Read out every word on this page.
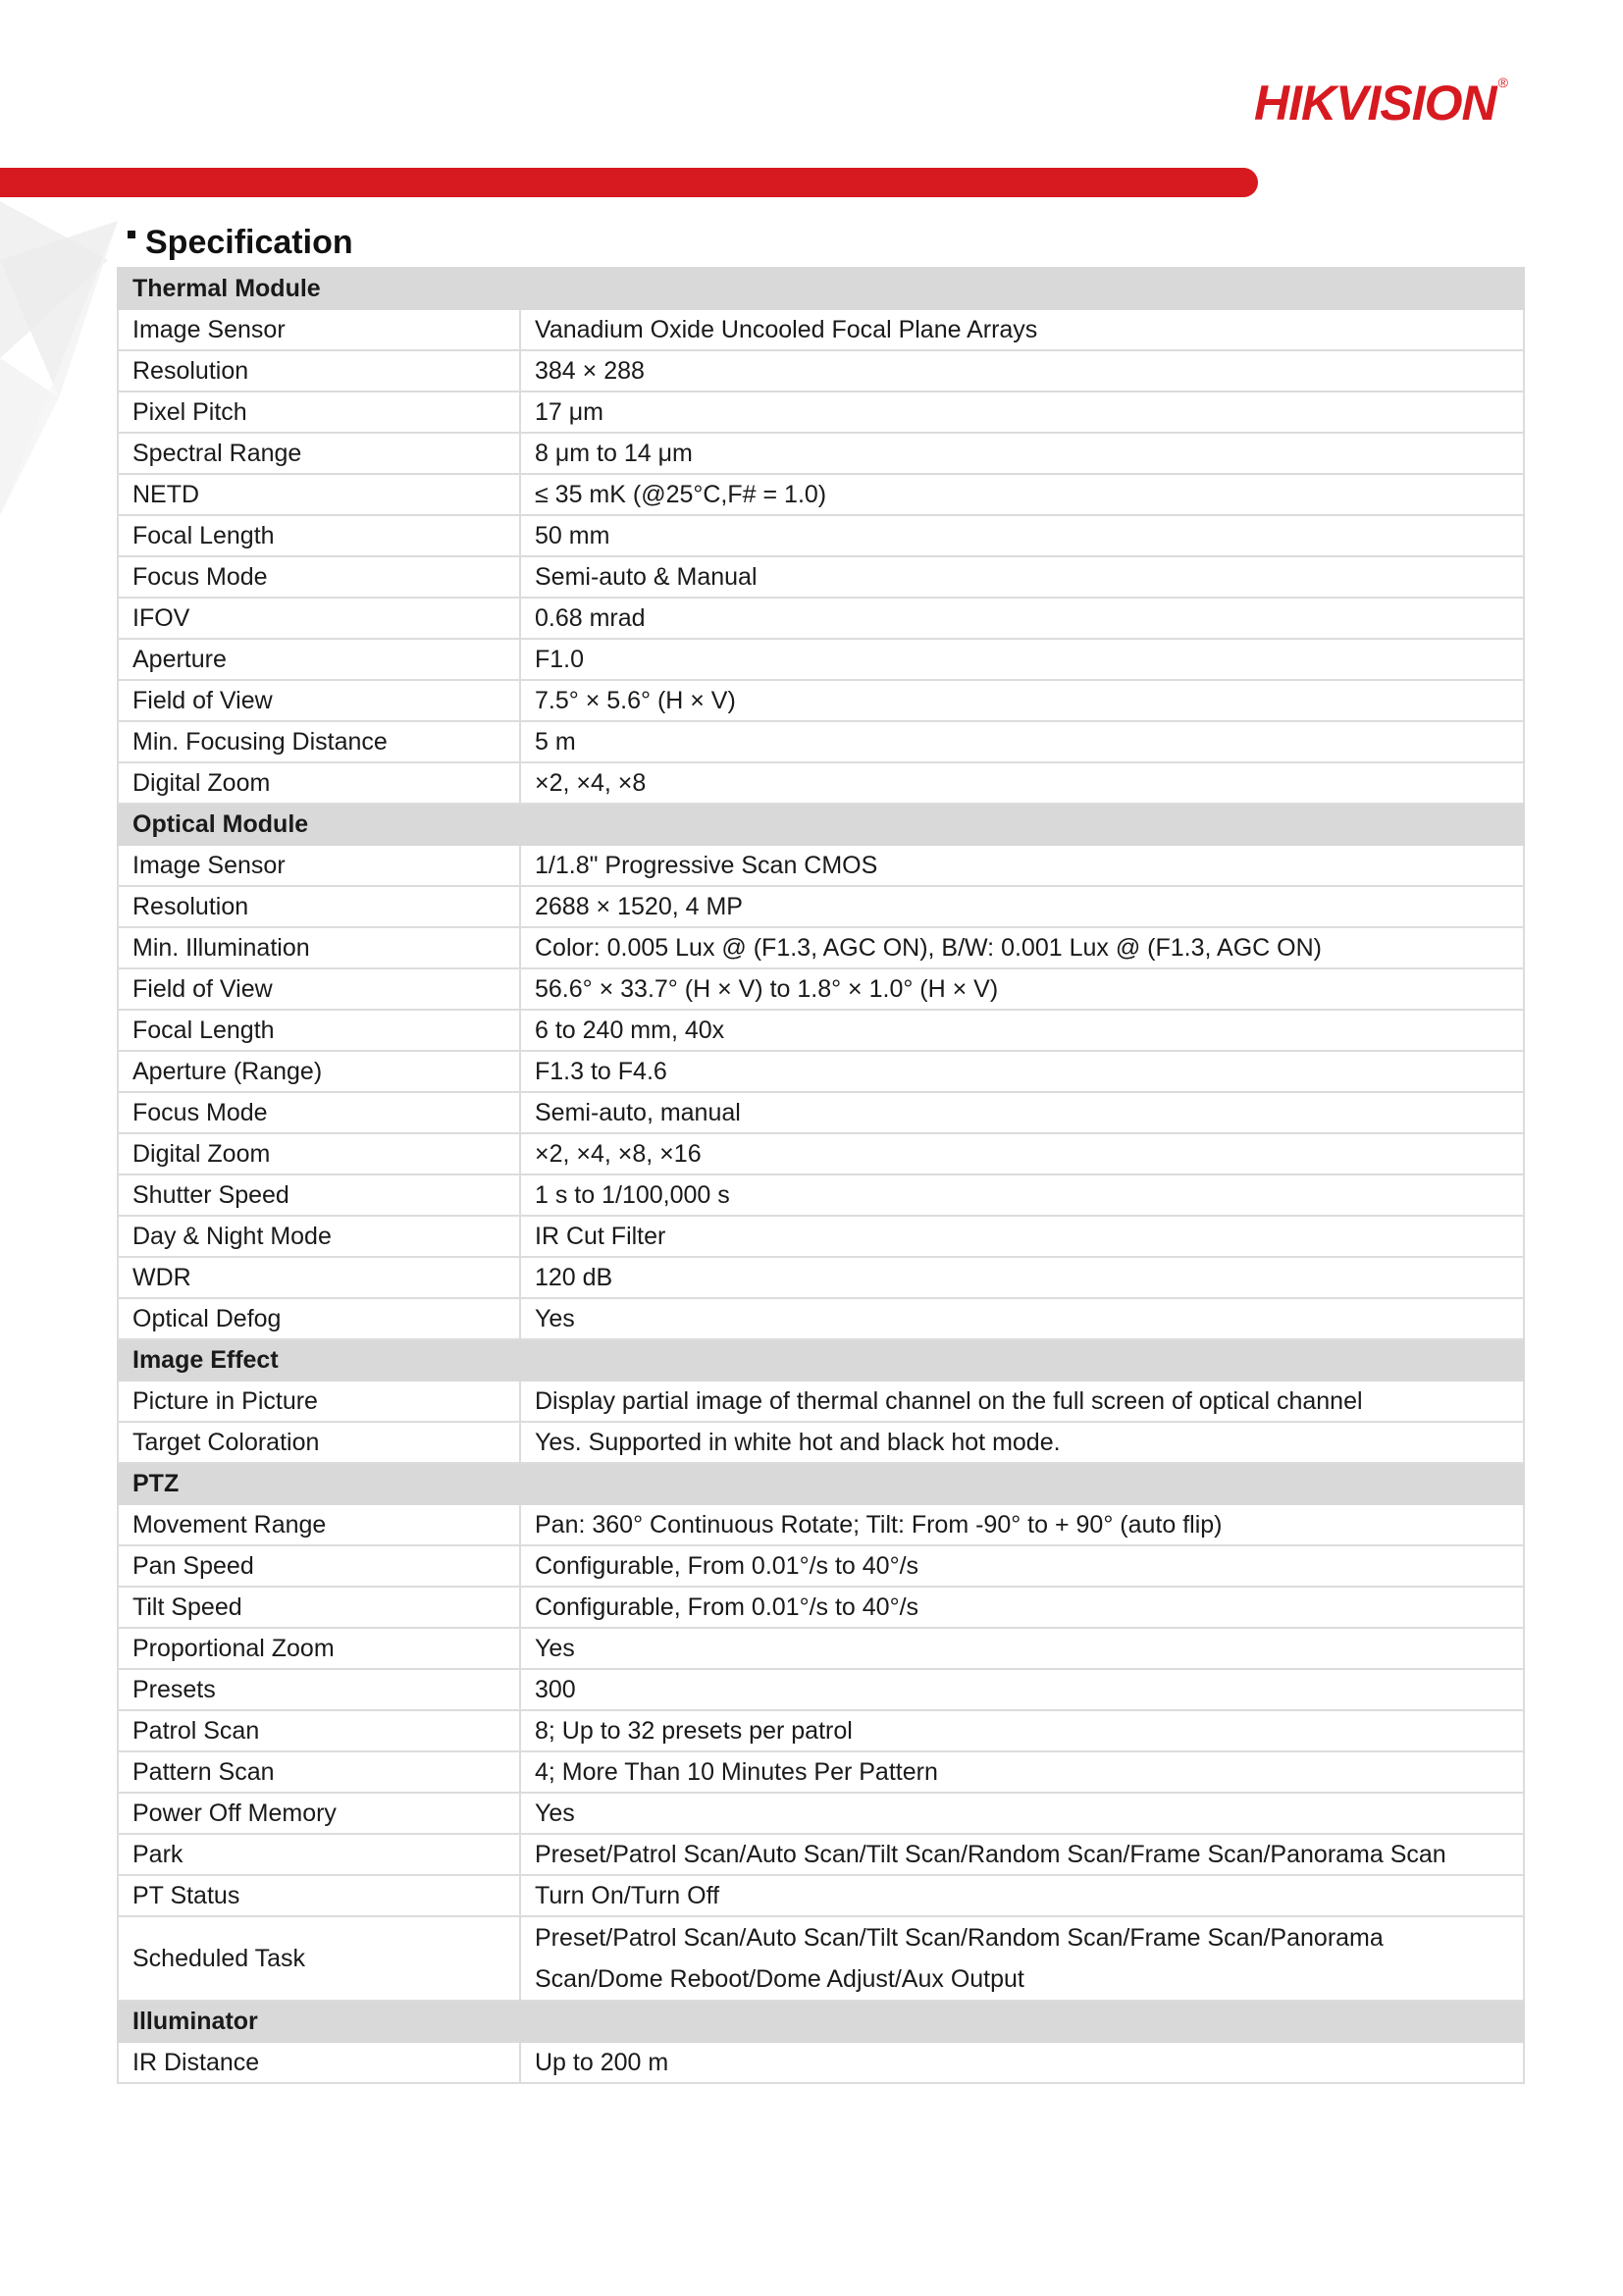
HIKVISION ®
Specification
Thermal Module	
Image Sensor	Vanadium Oxide Uncooled Focal Plane Arrays
Resolution	384 × 288
Pixel Pitch	17 μm
Spectral Range	8 μm to 14 μm
NETD	≤ 35 mK (@25°C,F# = 1.0)
Focal Length	50 mm
Focus Mode	Semi-auto & Manual
IFOV	0.68 mrad
Aperture	F1.0
Field of View	7.5° × 5.6° (H × V)
Min. Focusing Distance	5 m
Digital Zoom	×2, ×4, ×8
Optical Module	
Image Sensor	1/1.8" Progressive Scan CMOS
Resolution	2688 × 1520, 4 MP
Min. Illumination	Color: 0.005 Lux @ (F1.3, AGC ON), B/W: 0.001 Lux @ (F1.3, AGC ON)
Field of View	56.6° × 33.7° (H × V) to 1.8° × 1.0° (H × V)
Focal Length	6 to 240 mm, 40x
Aperture (Range)	F1.3 to F4.6
Focus Mode	Semi-auto, manual
Digital Zoom	×2, ×4, ×8, ×16
Shutter Speed	1 s to 1/100,000 s
Day & Night Mode	IR Cut Filter
WDR	120 dB
Optical Defog	Yes
Image Effect	
Picture in Picture	Display partial image of thermal channel on the full screen of optical channel
Target Coloration	Yes. Supported in white hot and black hot mode.
PTZ	
Movement Range	Pan: 360° Continuous Rotate; Tilt: From -90° to + 90° (auto flip)
Pan Speed	Configurable, From 0.01°/s to 40°/s
Tilt Speed	Configurable, From 0.01°/s to 40°/s
Proportional Zoom	Yes
Presets	300
Patrol Scan	8; Up to 32 presets per patrol
Pattern Scan	4; More Than 10 Minutes Per Pattern
Power Off Memory	Yes
Park	Preset/Patrol Scan/Auto Scan/Tilt Scan/Random Scan/Frame Scan/Panorama Scan
PT Status	Turn On/Turn Off
Scheduled Task	Preset/Patrol Scan/Auto Scan/Tilt Scan/Random Scan/Frame Scan/Panorama Scan/Dome Reboot/Dome Adjust/Aux Output
Illuminator	
IR Distance	Up to 200 m
